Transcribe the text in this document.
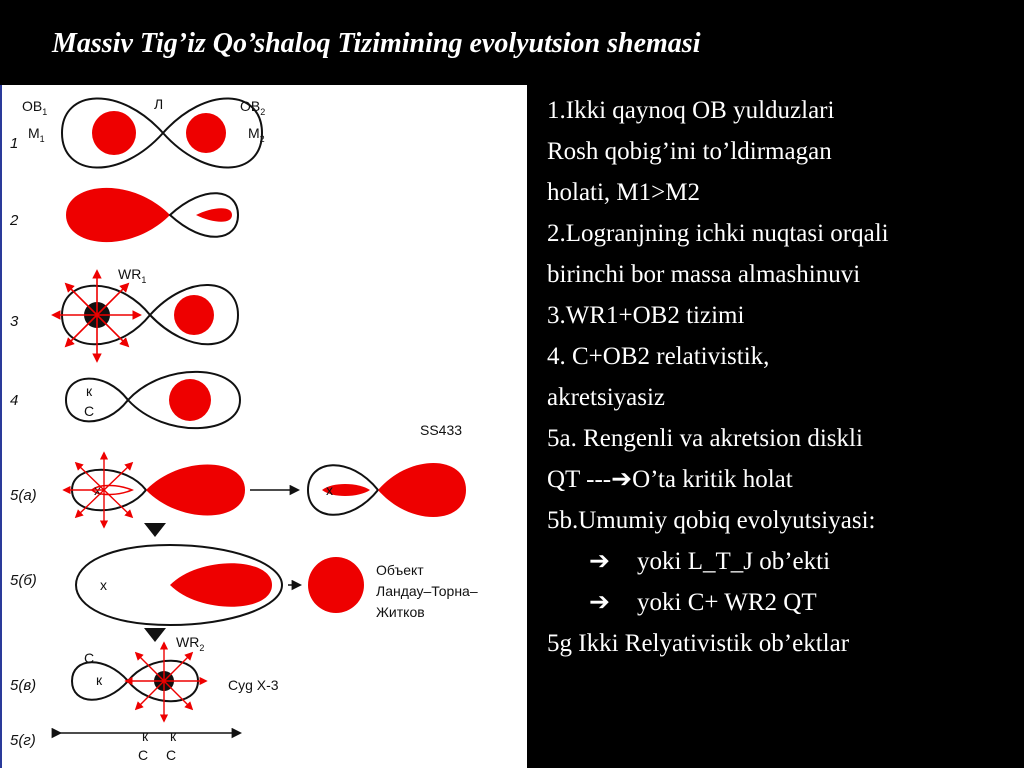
Massiv Tig’iz Qo’shaloq Tizimining evolyutsion shemasi
$OB_1$
$M_1$
Л	$OB_2$
$M_2$
1
2
$WR_1$
3
к
C
4
SS433
x	x
5(a)
x
Объект
Ландау–Торна–
Житков
5(б)
к
C
$WR_2$
Cyg X-3
5(в)
к к
C C
5(г)
1.Ikki qaynoq OB yulduzlari
Rosh qobig’ini to’ldirmagan
holati, M1>M2
2.Logranjning ichki nuqtasi orqali
birinchi bor massa almashinuvi
3.WR1+OB2 tizimi
4. C+OB2 relativistik,
akretsiyasiz
5a. Rengenli va akretsion diskli
QT ---➔O’ta kritik holat
5b.Umumiy qobiq evolyutsiyasi:
➔ yoki L_T_J ob’ekti
➔ yoki C+ WR2 QT
5g Ikki Relyativistik ob’ektlar
